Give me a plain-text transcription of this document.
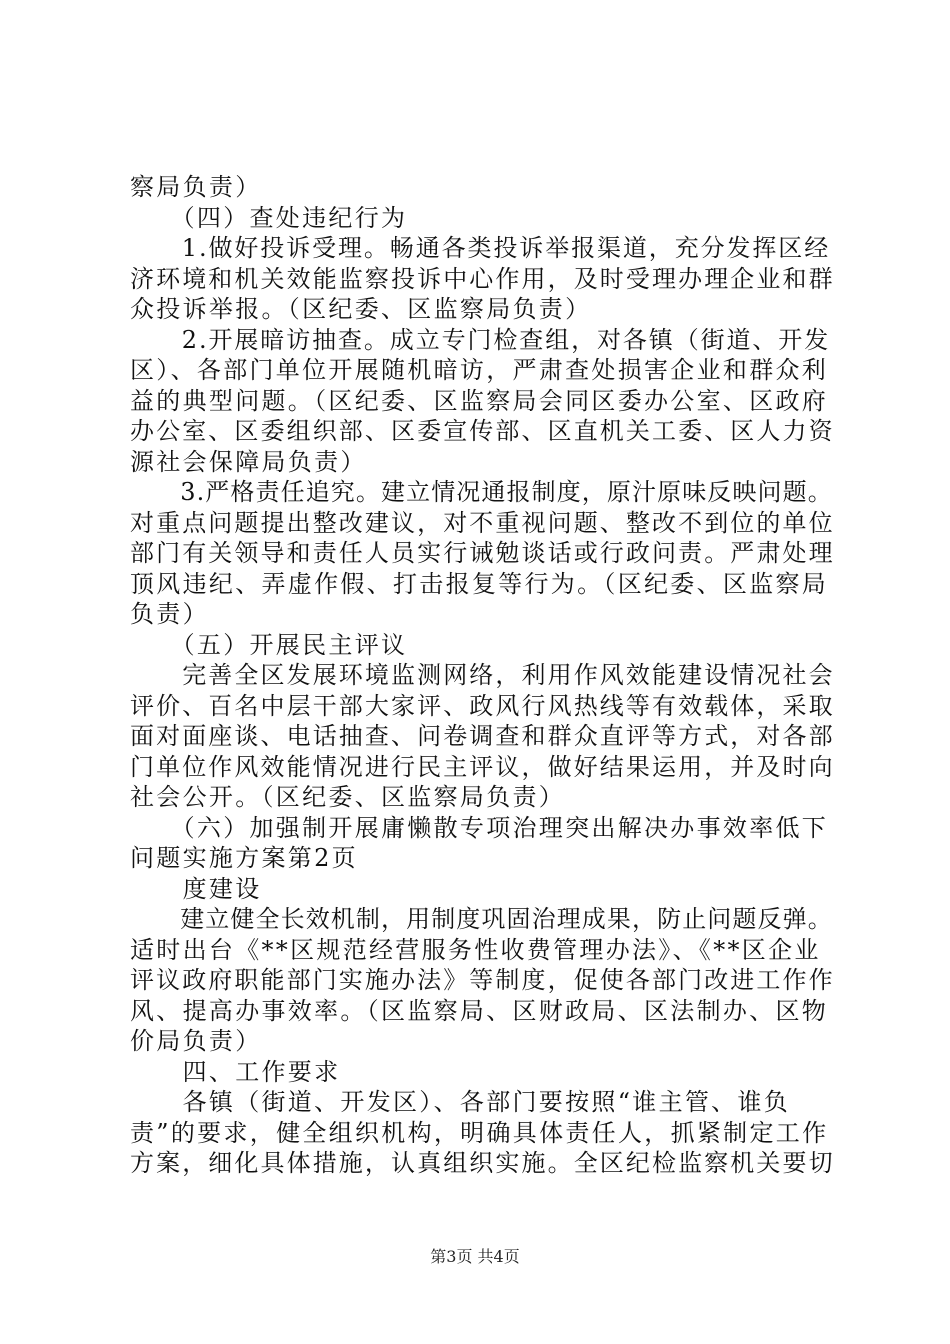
察局负责）
　　（四）查处违纪行为
　　1.做好投诉受理。畅通各类投诉举报渠道，充分发挥区经
济环境和机关效能监察投诉中心作用，及时受理办理企业和群
众投诉举报。（区纪委、区监察局负责）
　　2.开展暗访抽查。成立专门检查组，对各镇（街道、开发
区）、各部门单位开展随机暗访，严肃查处损害企业和群众利
益的典型问题。（区纪委、区监察局会同区委办公室、区政府
办公室、区委组织部、区委宣传部、区直机关工委、区人力资
源社会保障局负责）
　　3.严格责任追究。建立情况通报制度，原汁原味反映问题。
对重点问题提出整改建议，对不重视问题、整改不到位的单位
部门有关领导和责任人员实行诫勉谈话或行政问责。严肃处理
顶风违纪、弄虚作假、打击报复等行为。（区纪委、区监察局
负责）
　　（五）开展民主评议
　　完善全区发展环境监测网络，利用作风效能建设情况社会
评价、百名中层干部大家评、政风行风热线等有效载体，采取
面对面座谈、电话抽查、问卷调查和群众直评等方式，对各部
门单位作风效能情况进行民主评议，做好结果运用，并及时向
社会公开。（区纪委、区监察局负责）
　　（六）加强制开展庸懒散专项治理突出解决办事效率低下
问题实施方案第2页
　　度建设
　　建立健全长效机制，用制度巩固治理成果，防止问题反弹。
适时出台《**区规范经营服务性收费管理办法》、《**区企业
评议政府职能部门实施办法》等制度，促使各部门改进工作作
风、提高办事效率。（区监察局、区财政局、区法制办、区物
价局负责）
　　四、工作要求
　　各镇（街道、开发区）、各部门要按照“谁主管、谁负
责”的要求，健全组织机构，明确具体责任人，抓紧制定工作
方案，细化具体措施，认真组织实施。全区纪检监察机关要切
第3页 共4页
